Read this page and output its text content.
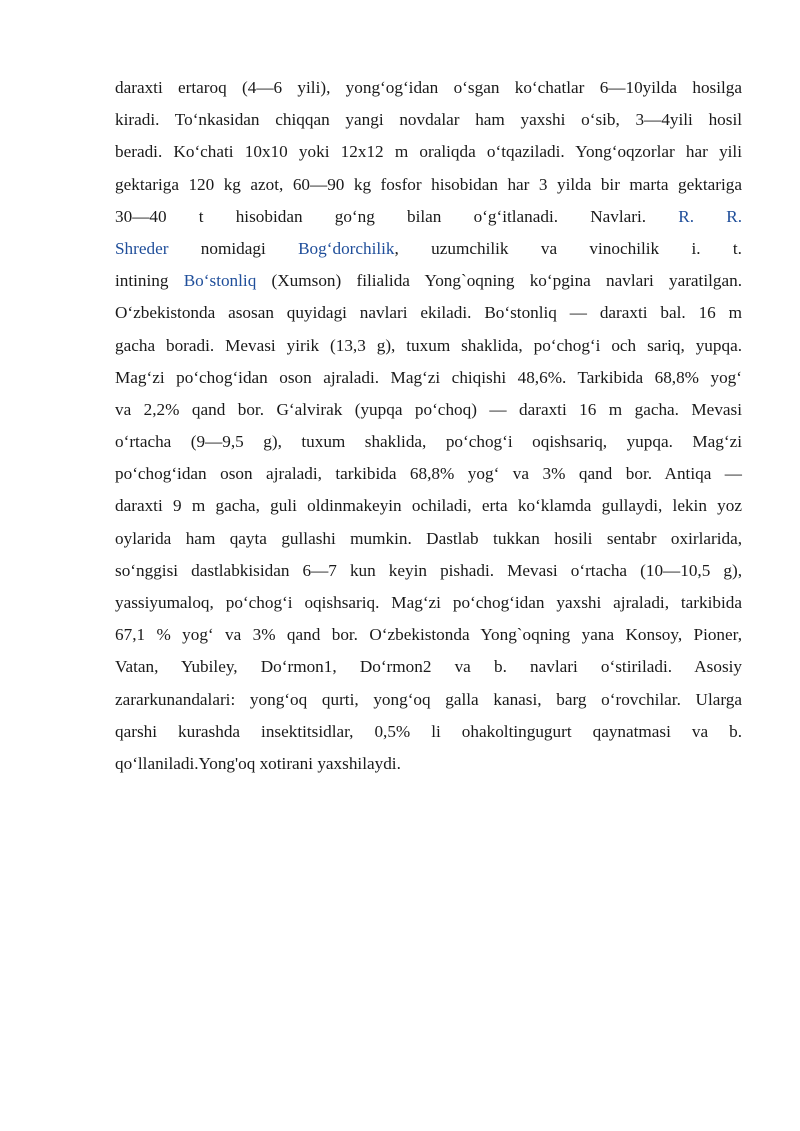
daraxti ertaroq (4—6 yili), yong‘og‘idan o‘sgan ko‘chatlar 6—10yilda hosilga
kiradi. To‘nkasidan chiqqan yangi novdalar ham yaxshi o‘sib, 3—4yili hosil
beradi. Ko‘chati 10x10 yoki 12x12 m oraliqda o‘tqaziladi. Yong‘oqzorlar har yili
gektariga 120 kg azot, 60—90 kg fosfor hisobidan har 3 yilda bir marta gektariga
30—40 t hisobidan go‘ng bilan o‘g‘itlanadi. Navlari. R. R.
Shreder nomidagi Bog‘dorchilik, uzumchilik va vinochilik i. t.
intining Bo‘stonliq (Xumson) filialida Yong`oqning ko‘pgina navlari yaratilgan.
O‘zbekistonda asosan quyidagi navlari ekiladi. Bo‘stonliq — daraxti bal. 16 m
gacha boradi. Mevasi yirik (13,3 g), tuxum shaklida, po‘chog‘i och sariq, yupqa.
Mag‘zi po‘chog‘idan oson ajraladi. Mag‘zi chiqishi 48,6%. Tarkibida 68,8% yog‘
va 2,2% qand bor. G‘alvirak (yupqa po‘choq) — daraxti 16 m gacha. Mevasi
o‘rtacha (9—9,5 g), tuxum shaklida, po‘chog‘i oqishsariq, yupqa. Mag‘zi
po‘chog‘idan oson ajraladi, tarkibida 68,8% yog‘ va 3% qand bor. Antiqa —
daraxti 9 m gacha, guli oldinmakeyin ochiladi, erta ko‘klamda gullaydi, lekin yoz
oylarida ham qayta gullashi mumkin. Dastlab tukkan hosili sentabr oxirlarida,
so‘nggisi dastlabkisidan 6—7 kun keyin pishadi. Mevasi o‘rtacha (10—10,5 g),
yassiyumaloq, po‘chog‘i oqishsariq. Mag‘zi po‘chog‘idan yaxshi ajraladi, tarkibida
67,1 % yog‘ va 3% qand bor. O‘zbekistonda Yong`oqning yana Konsoy, Pioner,
Vatan, Yubiley, Do‘rmon1, Do‘rmon2 va b. navlari o‘stiriladi. Asosiy
zararkunandalari: yong‘oq qurti, yong‘oq galla kanasi, barg o‘rovchilar. Ularga
qarshi kurashda insektitsidlar, 0,5% li ohakoltingugurt qaynatmasi va b.
qo‘llaniladi.Yong'oq xotirani yaxshilaydi.
